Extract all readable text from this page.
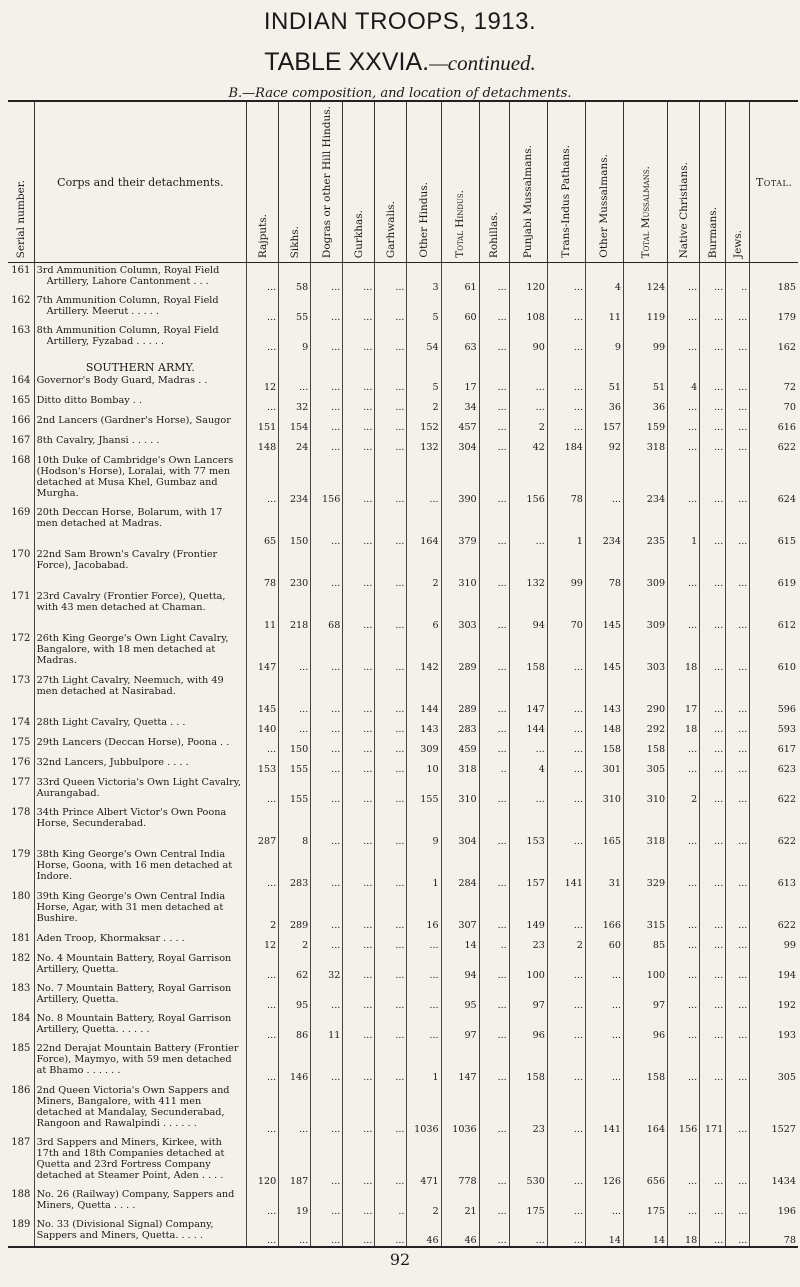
INDIAN TROOPS, 1913.
TABLE XXVIA.—continued.
B.—Race composition, and location of detachments.
Serial number.	Corps and their detachments.	Rajputs.	Sikhs.	Dogras or other Hill Hindus.	Gurkhas.	Garhwalis.	Other Hindus.	Total Hindus.	Rohillas.	Punjabi Mussalmans.	Trans-Indus Pathans.	Other Mussalmans.	Total Mussalmans.	Native Christians.	Burmans.	Jews.	Total.
161	3rd Ammunition Column, Royal Field
Artillery, Lahore Cantonment . . .	...	58	...	...	...	3	61	...	120	...	4	124	...	...	..	185
162	7th Ammunition Column, Royal Field
Artillery. Meerut . . . . .	...	55	...	...	...	5	60	...	108	...	11	119	...	...	...	179
163	8th Ammunition Column, Royal Field
Artillery, Fyzabad . . . . .	...	9	...	...	...	54	63	...	90	...	9	99	...	...	...	162
	SOUTHERN ARMY.																
164	Governor's Body Guard, Madras . .	12	...	...	...	...	5	17	...	...	...	51	51	4	...	...	72
165	Ditto ditto Bombay . .	...	32	...	...	...	2	34	...	...	...	36	36	...	...	...	70
166	2nd Lancers (Gardner's Horse), Saugor	151	154	...	...	...	152	457	...	2	...	157	159	...	...	...	616
167	8th Cavalry, Jhansi . . . . .	148	24	...	...	...	132	304	...	42	184	92	318	...	...	...	622
168	10th Duke of Cambridge's Own Lancers (Hodson's Horse), Loralai, with 77 men detached at Musa Khel, Gumbaz and Murgha.	...	234	156	...	...	...	390	...	156	78	...	234	...	...	...	624
169	20th Deccan Horse, Bolarum, with 17 men detached at Madras.	65	150	...	...	...	164	379	...	...	1	234	235	1	...	...	615
170	22nd Sam Brown's Cavalry (Frontier Force), Jacobabad.	78	230	...	...	...	2	310	...	132	99	78	309	...	...	...	619
171	23rd Cavalry (Frontier Force), Quetta, with 43 men detached at Chaman.	11	218	68	...	...	6	303	...	94	70	145	309	...	...	...	612
172	26th King George's Own Light Cavalry, Bangalore, with 18 men detached at Madras.	147	...	...	...	...	142	289	...	158	...	145	303	18	...	...	610
173	27th Light Cavalry, Neemuch, with 49 men detached at Nasirabad.	145	...	...	...	...	144	289	...	147	...	143	290	17	...	...	596
174	28th Light Cavalry, Quetta . . .	140	...	...	...	...	143	283	...	144	...	148	292	18	...	...	593
175	29th Lancers (Deccan Horse), Poona . .	...	150	...	...	...	309	459	...	...	...	158	158	...	...	...	617
176	32nd Lancers, Jubbulpore . . . .	153	155	...	...	...	10	318	..	4	...	301	305	...	...	...	623
177	33rd Queen Victoria's Own Light Cavalry, Aurangabad.	...	155	...	...	...	155	310	...	...	...	310	310	2	...	...	622
178	34th Prince Albert Victor's Own Poona Horse, Secunderabad.	287	8	...	...	...	9	304	...	153	...	165	318	...	...	...	622
179	38th King George's Own Central India Horse, Goona, with 16 men detached at Indore.	...	283	...	...	...	1	284	...	157	141	31	329	...	...	...	613
180	39th King George's Own Central India Horse, Agar, with 31 men detached at Bushire.	2	289	...	...	...	16	307	...	149	...	166	315	...	...	...	622
181	Aden Troop, Khormaksar . . . .	12	2	...	...	...	...	14	..	23	2	60	85	...	...	...	99
182	No. 4 Mountain Battery, Royal Garrison Artillery, Quetta.	...	62	32	...	...	...	94	...	100	...	...	100	...	...	...	194
183	No. 7 Mountain Battery, Royal Garrison Artillery, Quetta.	...	95	...	...	...	...	95	...	97	...	...	97	...	...	...	192
184	No. 8 Mountain Battery, Royal Garrison Artillery, Quetta. . . . . .	...	86	11	...	...	...	97	...	96	...	...	96	...	...	...	193
185	22nd Derajat Mountain Battery (Frontier Force), Maymyo, with 59 men detached at Bhamo . . . . . .	...	146	...	...	...	1	147	...	158	...	...	158	...	...	...	305
186	2nd Queen Victoria's Own Sappers and Miners, Bangalore, with 411 men detached at Mandalay, Secunderabad, Rangoon and Rawalpindi . . . . . .	...	...	...	...	...	1036	1036	...	23	...	141	164	156	171	...	1527
187	3rd Sappers and Miners, Kirkee, with 17th and 18th Companies detached at Quetta and 23rd Fortress Company detached at Steamer Point, Aden . . . .	120	187	...	...	...	471	778	...	530	...	126	656	...	...	...	1434
188	No. 26 (Railway) Company, Sappers and Miners, Quetta . . . .	...	19	...	...	..	2	21	...	175	...	...	175	...	...	...	196
189	No. 33 (Divisional Signal) Company, Sappers and Miners, Quetta. . . . .	...	...	...	...	...	46	46	...	...	...	14	14	18	...	...	78
92
